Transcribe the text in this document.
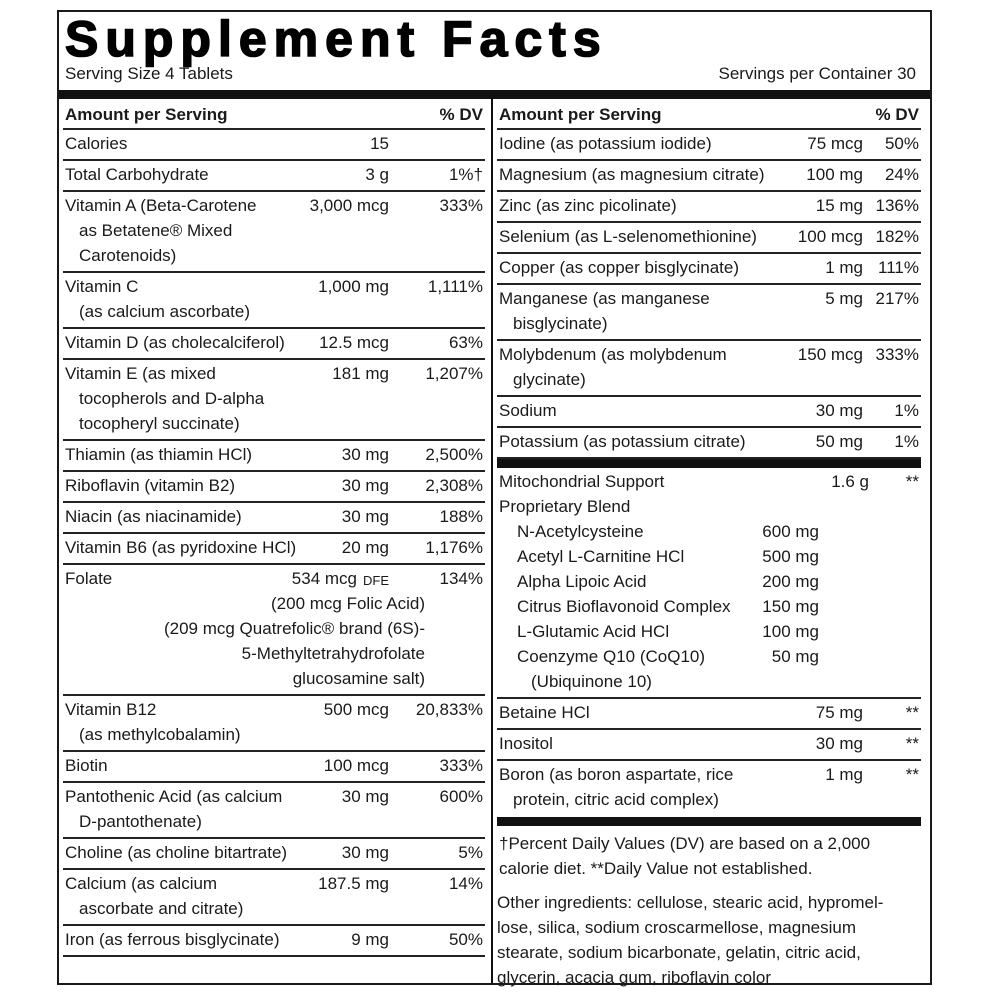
Supplement Facts
Serving Size 4 Tablets	Servings per Container 30
Amount per Serving	% DV
Calories	15
Total Carbohydrate	3 g	1%†
Vitamin A (Beta-Carotene
as Betatene® Mixed
Carotenoids)
3,000 mcg	333%
Vitamin C
(as calcium ascorbate)
1,000 mg 1,111%
Vitamin D (as cholecalciferol) 12.5 mcg	63%
Vitamin E (as mixed
tocopherols and D-alpha
tocopheryl succinate)
181 mg 1,207%
Thiamin (as thiamin HCl)	30 mg 2,500%
Riboflavin (vitamin B2)	30 mg 2,308%
Niacin (as niacinamide)	30 mg	188%
Vitamin B6 (as pyridoxine HCl)	20 mg 1,176%
Folate	534 mcg	134%
DFE
(200 mcg Folic Acid)
(209 mcg Quatrefolic® brand (6S)-
5-Methyltetrahydrofolate
glucosamine salt)
Vitamin B12
(as methylcobalamin)
500 mcg 20,833%
Biotin	100 mcg	333%
Pantothenic Acid (as calcium
D-pantothenate)
30 mg	600%
Choline (as choline bitartrate)	30 mg	5%
Calcium (as calcium
ascorbate and citrate)
187.5 mg	14%
Iron (as ferrous bisglycinate)	9 mg	50%
Amount per Serving	% DV
Iodine (as potassium iodide)	75 mcg 50%
Magnesium (as magnesium citrate) 100 mg 24%
Zinc (as zinc picolinate)	15 mg 136%
Selenium (as L-selenomethionine) 100 mcg 182%
Copper (as copper bisglycinate)	1 mg 111%
Manganese (as manganese
bisglycinate)
5 mg 217%
Molybdenum (as molybdenum
glycinate)
150 mcg 333%
Sodium	30 mg 1%
Potassium (as potassium citrate)	50 mg 1%
Mitochondrial Support
Proprietary Blend
1.6 g **
N-Acetylcysteine	600 mg
Acetyl L-Carnitine HCl	500 mg
Alpha Lipoic Acid	200 mg
Citrus Bioflavonoid Complex 150 mg
L-Glutamic Acid HCl	100 mg
Coenzyme Q10 (CoQ10)	50 mg
(Ubiquinone 10)
Betaine HCl	75 mg	**
Inositol	30 mg	**
Boron (as boron aspartate, rice
protein, citric acid complex)
1 mg	**
†Percent Daily Values (DV) are based on a 2,000
calorie diet. **Daily Value not established.
Other ingredients: cellulose, stearic acid, hypromel-
lose, silica, sodium croscarmellose, magnesium
stearate, sodium bicarbonate, gelatin, citric acid,
glycerin, acacia gum, riboflavin color
